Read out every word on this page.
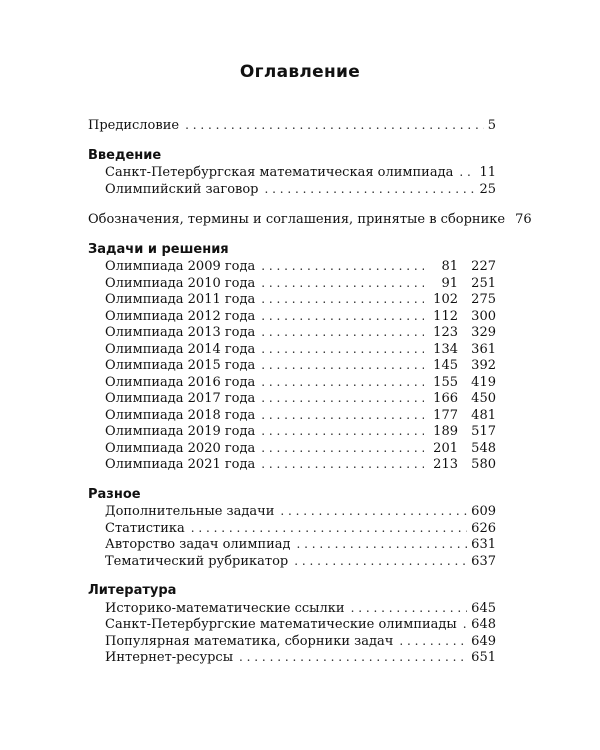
Оглавление
Предисловие . . .	5
Введение
Санкт-Петербургская математическая олимпиада . . . 11
Олимпийский заговор . . .	25
Обозначения, термины и соглашения, принятые в сборнике 76
Задачи и решения
Олимпиада 2009 года . . .	81	227
Олимпиада 2010 года . . .	91	251
Олимпиада 2011 года . . .	102	275
Олимпиада 2012 года . . .	112	300
Олимпиада 2013 года . . .	123	329
Олимпиада 2014 года . . .	134	361
Олимпиада 2015 года . . .	145	392
Олимпиада 2016 года . . .	155	419
Олимпиада 2017 года . . .	166	450
Олимпиада 2018 года . . .	177	481
Олимпиада 2019 года . . .	189	517
Олимпиада 2020 года . . .	201	548
Олимпиада 2021 года . . .	213	580
Разное
Дополнительные задачи . . .	609
Статистика . . .	626
Авторство задач олимпиад . . .	631
Тематический рубрикатор . . .	637
Литература
Историко-математические ссылки . . .	645
Санкт-Петербургские математические олимпиады . . . 648
Популярная математика, сборники задач . . .	649
Интернет-ресурсы . . .	651
